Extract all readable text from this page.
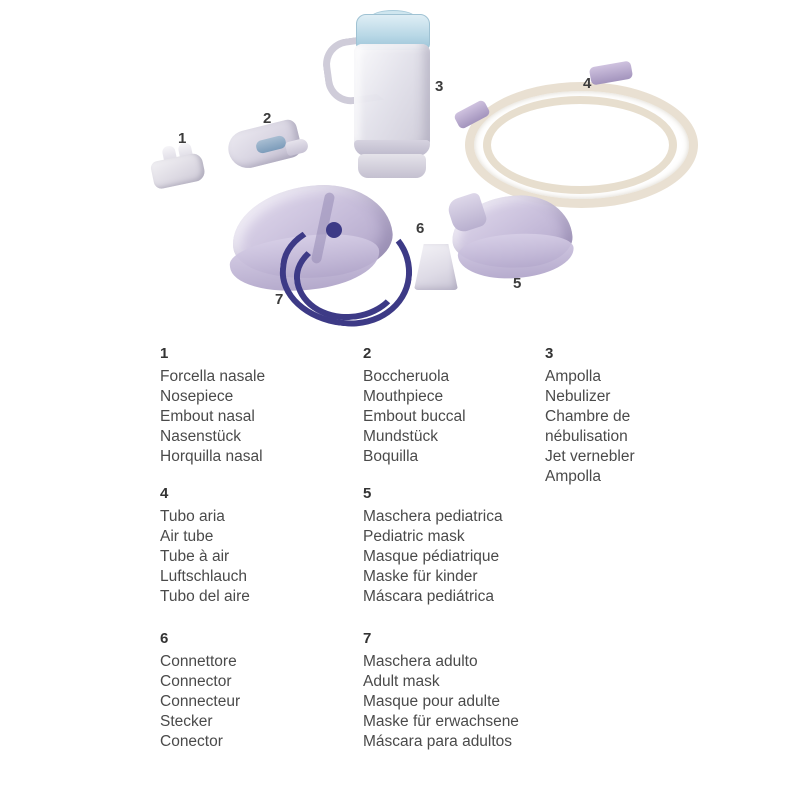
1
2
3	4
5
6
7
1
Forcella nasale
Nosepiece
Embout nasal
Nasenstück
Horquilla nasal
2
Boccheruola
Mouthpiece
Embout buccal
Mundstück
Boquilla
3
Ampolla
Nebulizer
Chambre de
nébulisation
Jet vernebler
Ampolla
4
Tubo aria
Air tube
Tube à air
Luftschlauch
Tubo del aire
5
Maschera pediatrica
Pediatric mask
Masque pédiatrique
Maske für kinder
Máscara pediátrica
6
Connettore
Connector
Connecteur
Stecker
Conector
7
Maschera adulto
Adult mask
Masque pour adulte
Maske für erwachsene
Máscara para adultos
